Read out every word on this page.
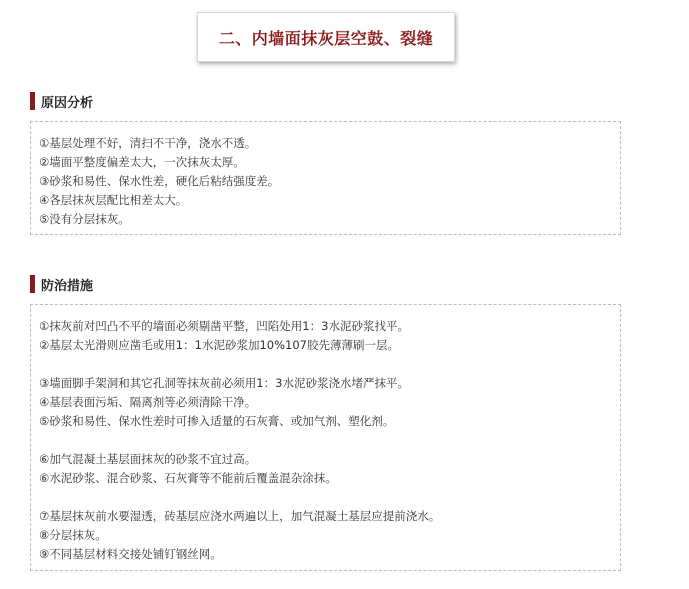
二、内墙面抹灰层空鼓、裂缝
原因分析
①基层处理不好，清扫不干净，浇水不透。
②墙面平整度偏差太大，一次抹灰太厚。
③砂浆和易性、保水性差，硬化后粘结强度差。
④各层抹灰层配比相差太大。
⑤没有分层抹灰。
防治措施
①抹灰前对凹凸不平的墙面必须剔凿平整，凹陷处用1：3水泥砂浆找平。
②基层太光滑则应凿毛或用1：1水泥砂浆加10%107胶先薄薄刷一层。
③墙面脚手架洞和其它孔洞等抹灰前必须用1：3水泥砂浆浇水堵严抹平。
④基层表面污垢、隔离剂等必须清除干净。
⑤砂浆和易性、保水性差时可掺入适量的石灰膏、或加气剂、塑化剂。
⑥加气混凝土基层面抹灰的砂浆不宜过高。
⑥水泥砂浆、混合砂浆、石灰膏等不能前后覆盖混杂涂抹。
⑦基层抹灰前水要湿透，砖基层应浇水两遍以上，加气混凝土基层应提前浇水。
⑧分层抹灰。
⑨不同基层材料交接处铺钉钢丝网。
